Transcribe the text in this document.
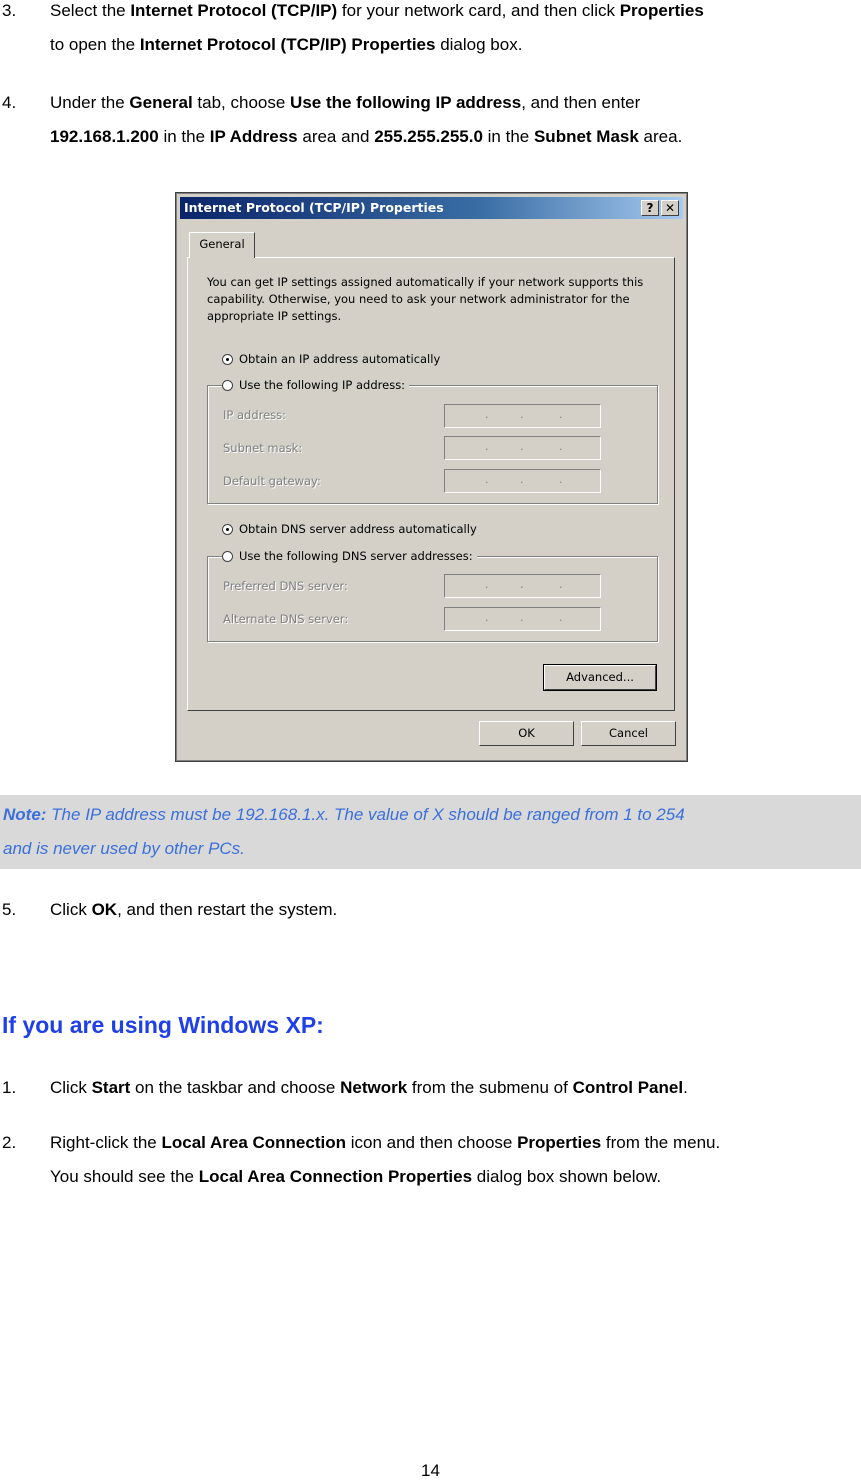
3. Select the Internet Protocol (TCP/IP) for your network card, and then click Properties
to open the Internet Protocol (TCP/IP) Properties dialog box.
4. Under the General tab, choose Use the following IP address, and then enter
192.168.1.200 in the IP Address area and 255.255.255.0 in the Subnet Mask area.
Internet Protocol (TCP/IP) Properties	? ✕
General
You can get IP settings assigned automatically if your network supports this capability. Otherwise, you need to ask your network administrator for the appropriate IP settings.
Obtain an IP address automatically
Use the following IP address:
IP address:	.	.	.
Subnet mask:	.	.	.
Default gateway:	.	.	.
Obtain DNS server address automatically
Use the following DNS server addresses:
Preferred DNS server:	.	.	.
Alternate DNS server:	.	.	.
Advanced...
OK	Cancel
Note: The IP address must be 192.168.1.x. The value of X should be ranged from 1 to 254
and is never used by other PCs.
5. Click OK, and then restart the system.
If you are using Windows XP:
1. Click Start on the taskbar and choose Network from the submenu of Control Panel.
2. Right-click the Local Area Connection icon and then choose Properties from the menu.
You should see the Local Area Connection Properties dialog box shown below.
14
